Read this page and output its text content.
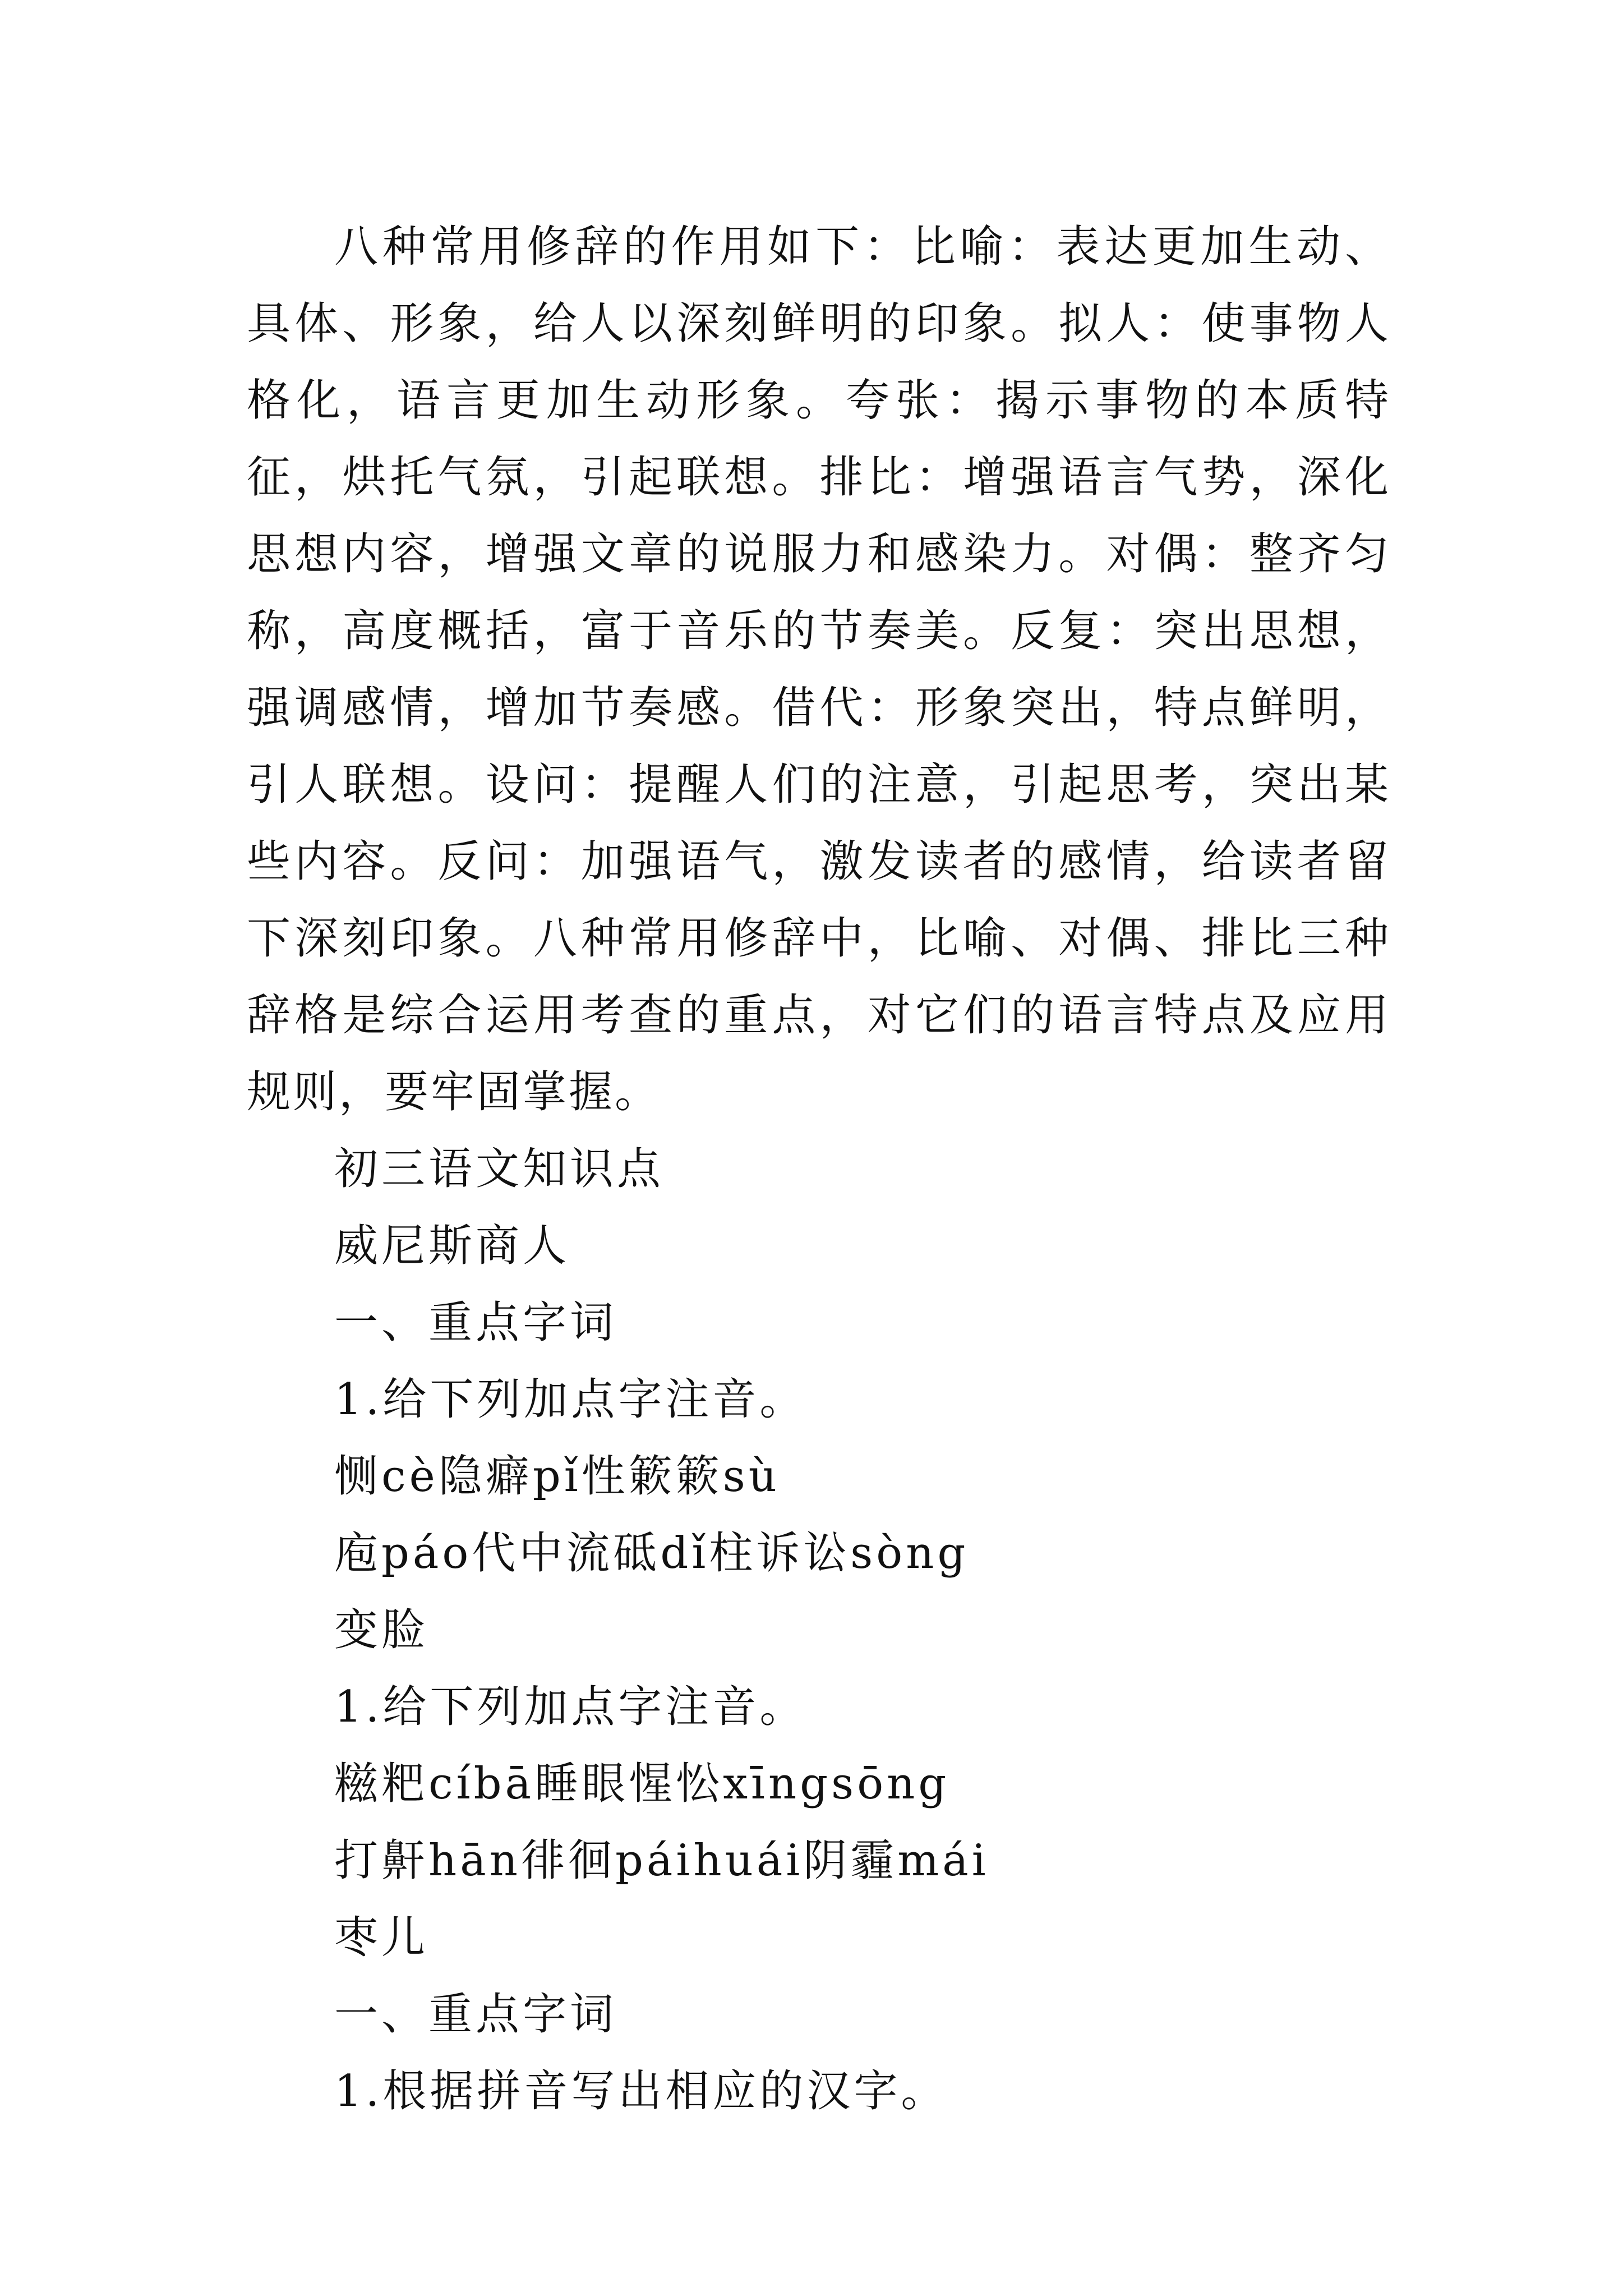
八种常用修辞的作用如下：比喻：表达更加生动、具体、形象，给人以深刻鲜明的印象。拟人：使事物人格化，语言更加生动形象。夸张：揭示事物的本质特征，烘托气氛，引起联想。排比：增强语言气势，深化思想内容，增强文章的说服力和感染力。对偶：整齐匀称，高度概括，富于音乐的节奏美。反复：突出思想，强调感情，增加节奏感。借代：形象突出，特点鲜明，引人联想。设问：提醒人们的注意，引起思考，突出某些内容。反问：加强语气，激发读者的感情，给读者留下深刻印象。八种常用修辞中，比喻、对偶、排比三种辞格是综合运用考查的重点，对它们的语言特点及应用规则，要牢固掌握。

初三语文知识点
威尼斯商人
一、重点字词
1.给下列加点字注音。
恻cè隐癖pǐ性簌簌sù
庖páo代中流砥dǐ柱诉讼sòng
变脸
1.给下列加点字注音。
糍粑cíbā睡眼惺忪xīngsōng
打鼾hān徘徊páihuái阴霾mái
枣儿
一、重点字词
1.根据拼音写出相应的汉字。
